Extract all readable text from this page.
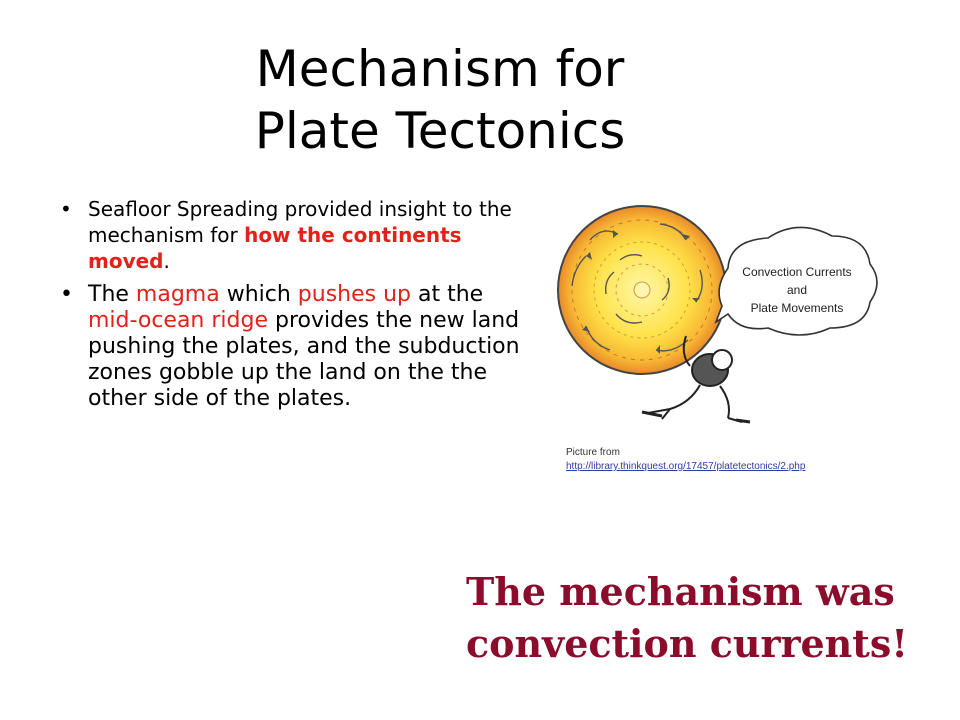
Mechanism for
Plate Tectonics
• Seafloor Spreading provided insight to the mechanism for how the continents moved.
• The magma which pushes up at the mid-ocean ridge provides the new land pushing the plates, and the subduction zones gobble up the land on the the other side of the plates.
Convection Currents
and
Plate Movements
Picture from
http://library.thinkquest.org/17457/platetectonics/2.php
The mechanism was
convection currents!
